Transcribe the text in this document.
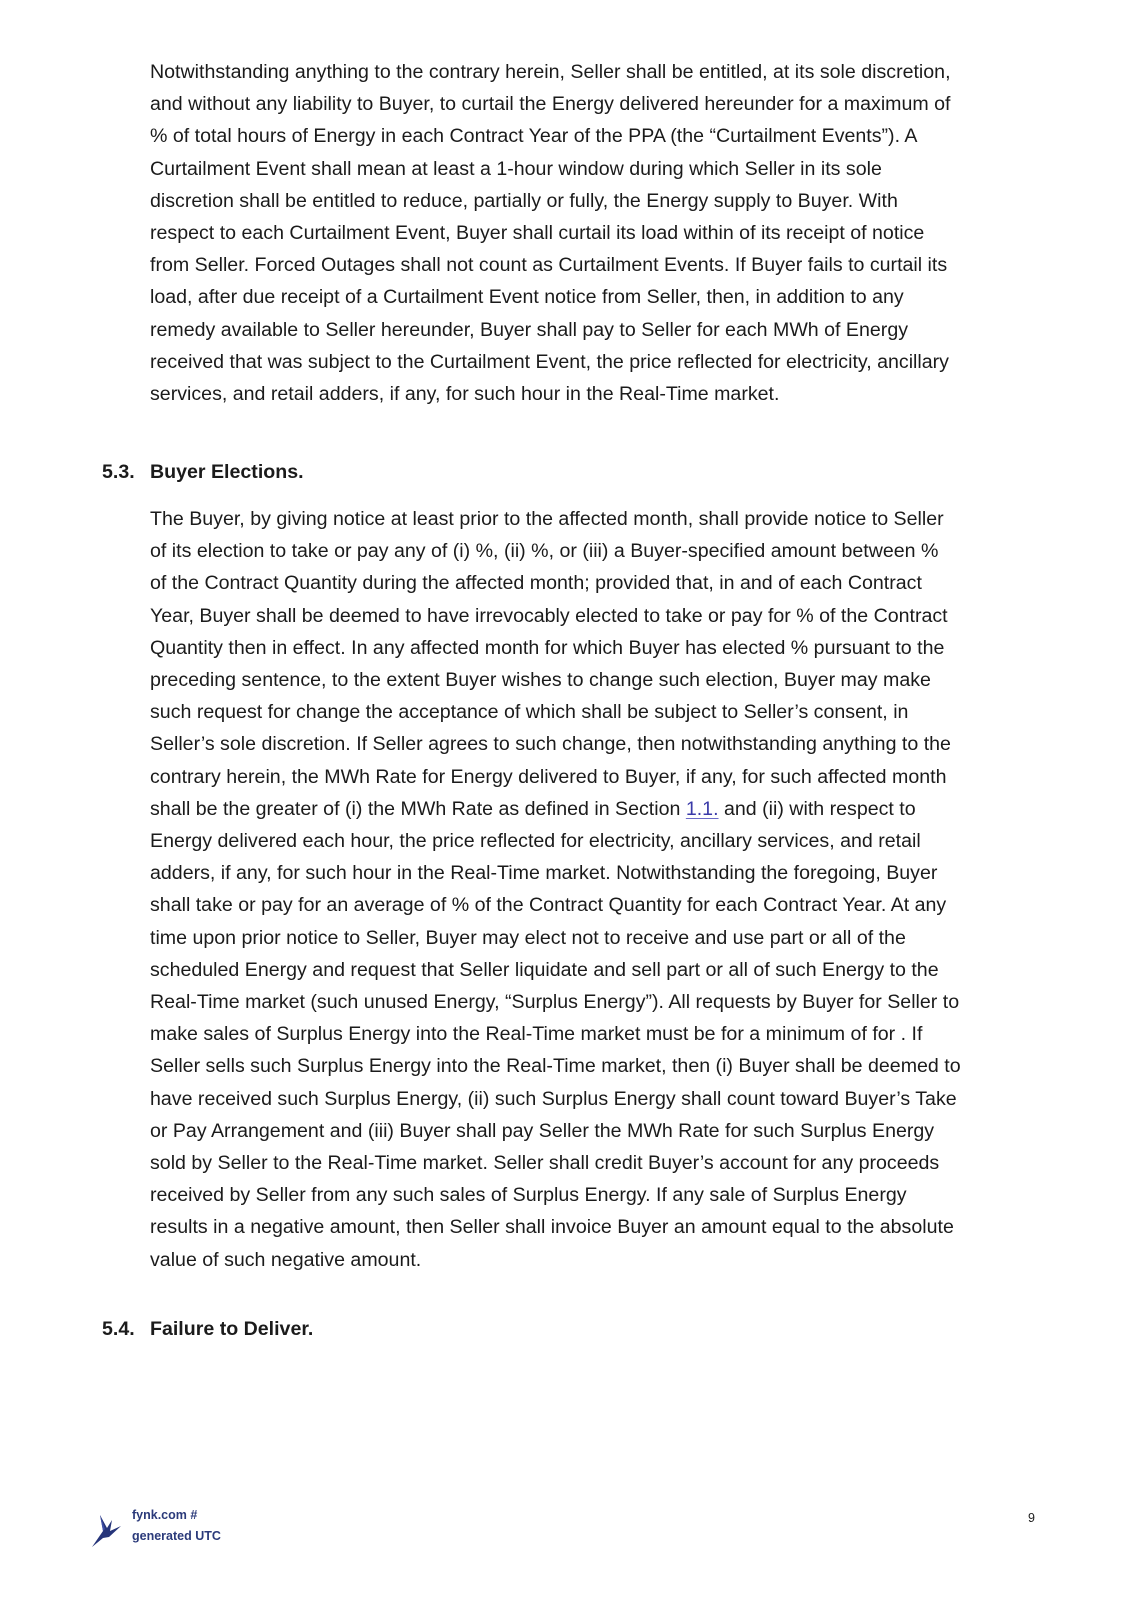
Notwithstanding anything to the contrary herein, Seller shall be entitled, at its sole discretion,
and without any liability to Buyer, to curtail the Energy delivered hereunder for a maximum of
% of total hours of Energy in each Contract Year of the PPA (the “Curtailment Events”). A
Curtailment Event shall mean at least a 1-hour window during which Seller in its sole
discretion shall be entitled to reduce, partially or fully, the Energy supply to Buyer. With
respect to each Curtailment Event, Buyer shall curtail its load within of its receipt of notice
from Seller. Forced Outages shall not count as Curtailment Events. If Buyer fails to curtail its
load, after due receipt of a Curtailment Event notice from Seller, then, in addition to any
remedy available to Seller hereunder, Buyer shall pay to Seller for each MWh of Energy
received that was subject to the Curtailment Event, the price reflected for electricity, ancillary
services, and retail adders, if any, for such hour in the Real-Time market.
5.3. Buyer Elections.
The Buyer, by giving notice at least prior to the affected month, shall provide notice to Seller
of its election to take or pay any of (i) %, (ii) %, or (iii) a Buyer-specified amount between %
of the Contract Quantity during the affected month; provided that, in and of each Contract
Year, Buyer shall be deemed to have irrevocably elected to take or pay for % of the Contract
Quantity then in effect. In any affected month for which Buyer has elected % pursuant to the
preceding sentence, to the extent Buyer wishes to change such election, Buyer may make
such request for change the acceptance of which shall be subject to Seller’s consent, in
Seller’s sole discretion. If Seller agrees to such change, then notwithstanding anything to the
contrary herein, the MWh Rate for Energy delivered to Buyer, if any, for such affected month
shall be the greater of (i) the MWh Rate as defined in Section 1.1. and (ii) with respect to
Energy delivered each hour, the price reflected for electricity, ancillary services, and retail
adders, if any, for such hour in the Real-Time market. Notwithstanding the foregoing, Buyer
shall take or pay for an average of % of the Contract Quantity for each Contract Year. At any
time upon prior notice to Seller, Buyer may elect not to receive and use part or all of the
scheduled Energy and request that Seller liquidate and sell part or all of such Energy to the
Real-Time market (such unused Energy, “Surplus Energy”). All requests by Buyer for Seller to
make sales of Surplus Energy into the Real-Time market must be for a minimum of for . If
Seller sells such Surplus Energy into the Real-Time market, then (i) Buyer shall be deemed to
have received such Surplus Energy, (ii) such Surplus Energy shall count toward Buyer’s Take
or Pay Arrangement and (iii) Buyer shall pay Seller the MWh Rate for such Surplus Energy
sold by Seller to the Real-Time market. Seller shall credit Buyer’s account for any proceeds
received by Seller from any such sales of Surplus Energy. If any sale of Surplus Energy
results in a negative amount, then Seller shall invoice Buyer an amount equal to the absolute
value of such negative amount.
5.4. Failure to Deliver.
fynk.com #
generated UTC
9
